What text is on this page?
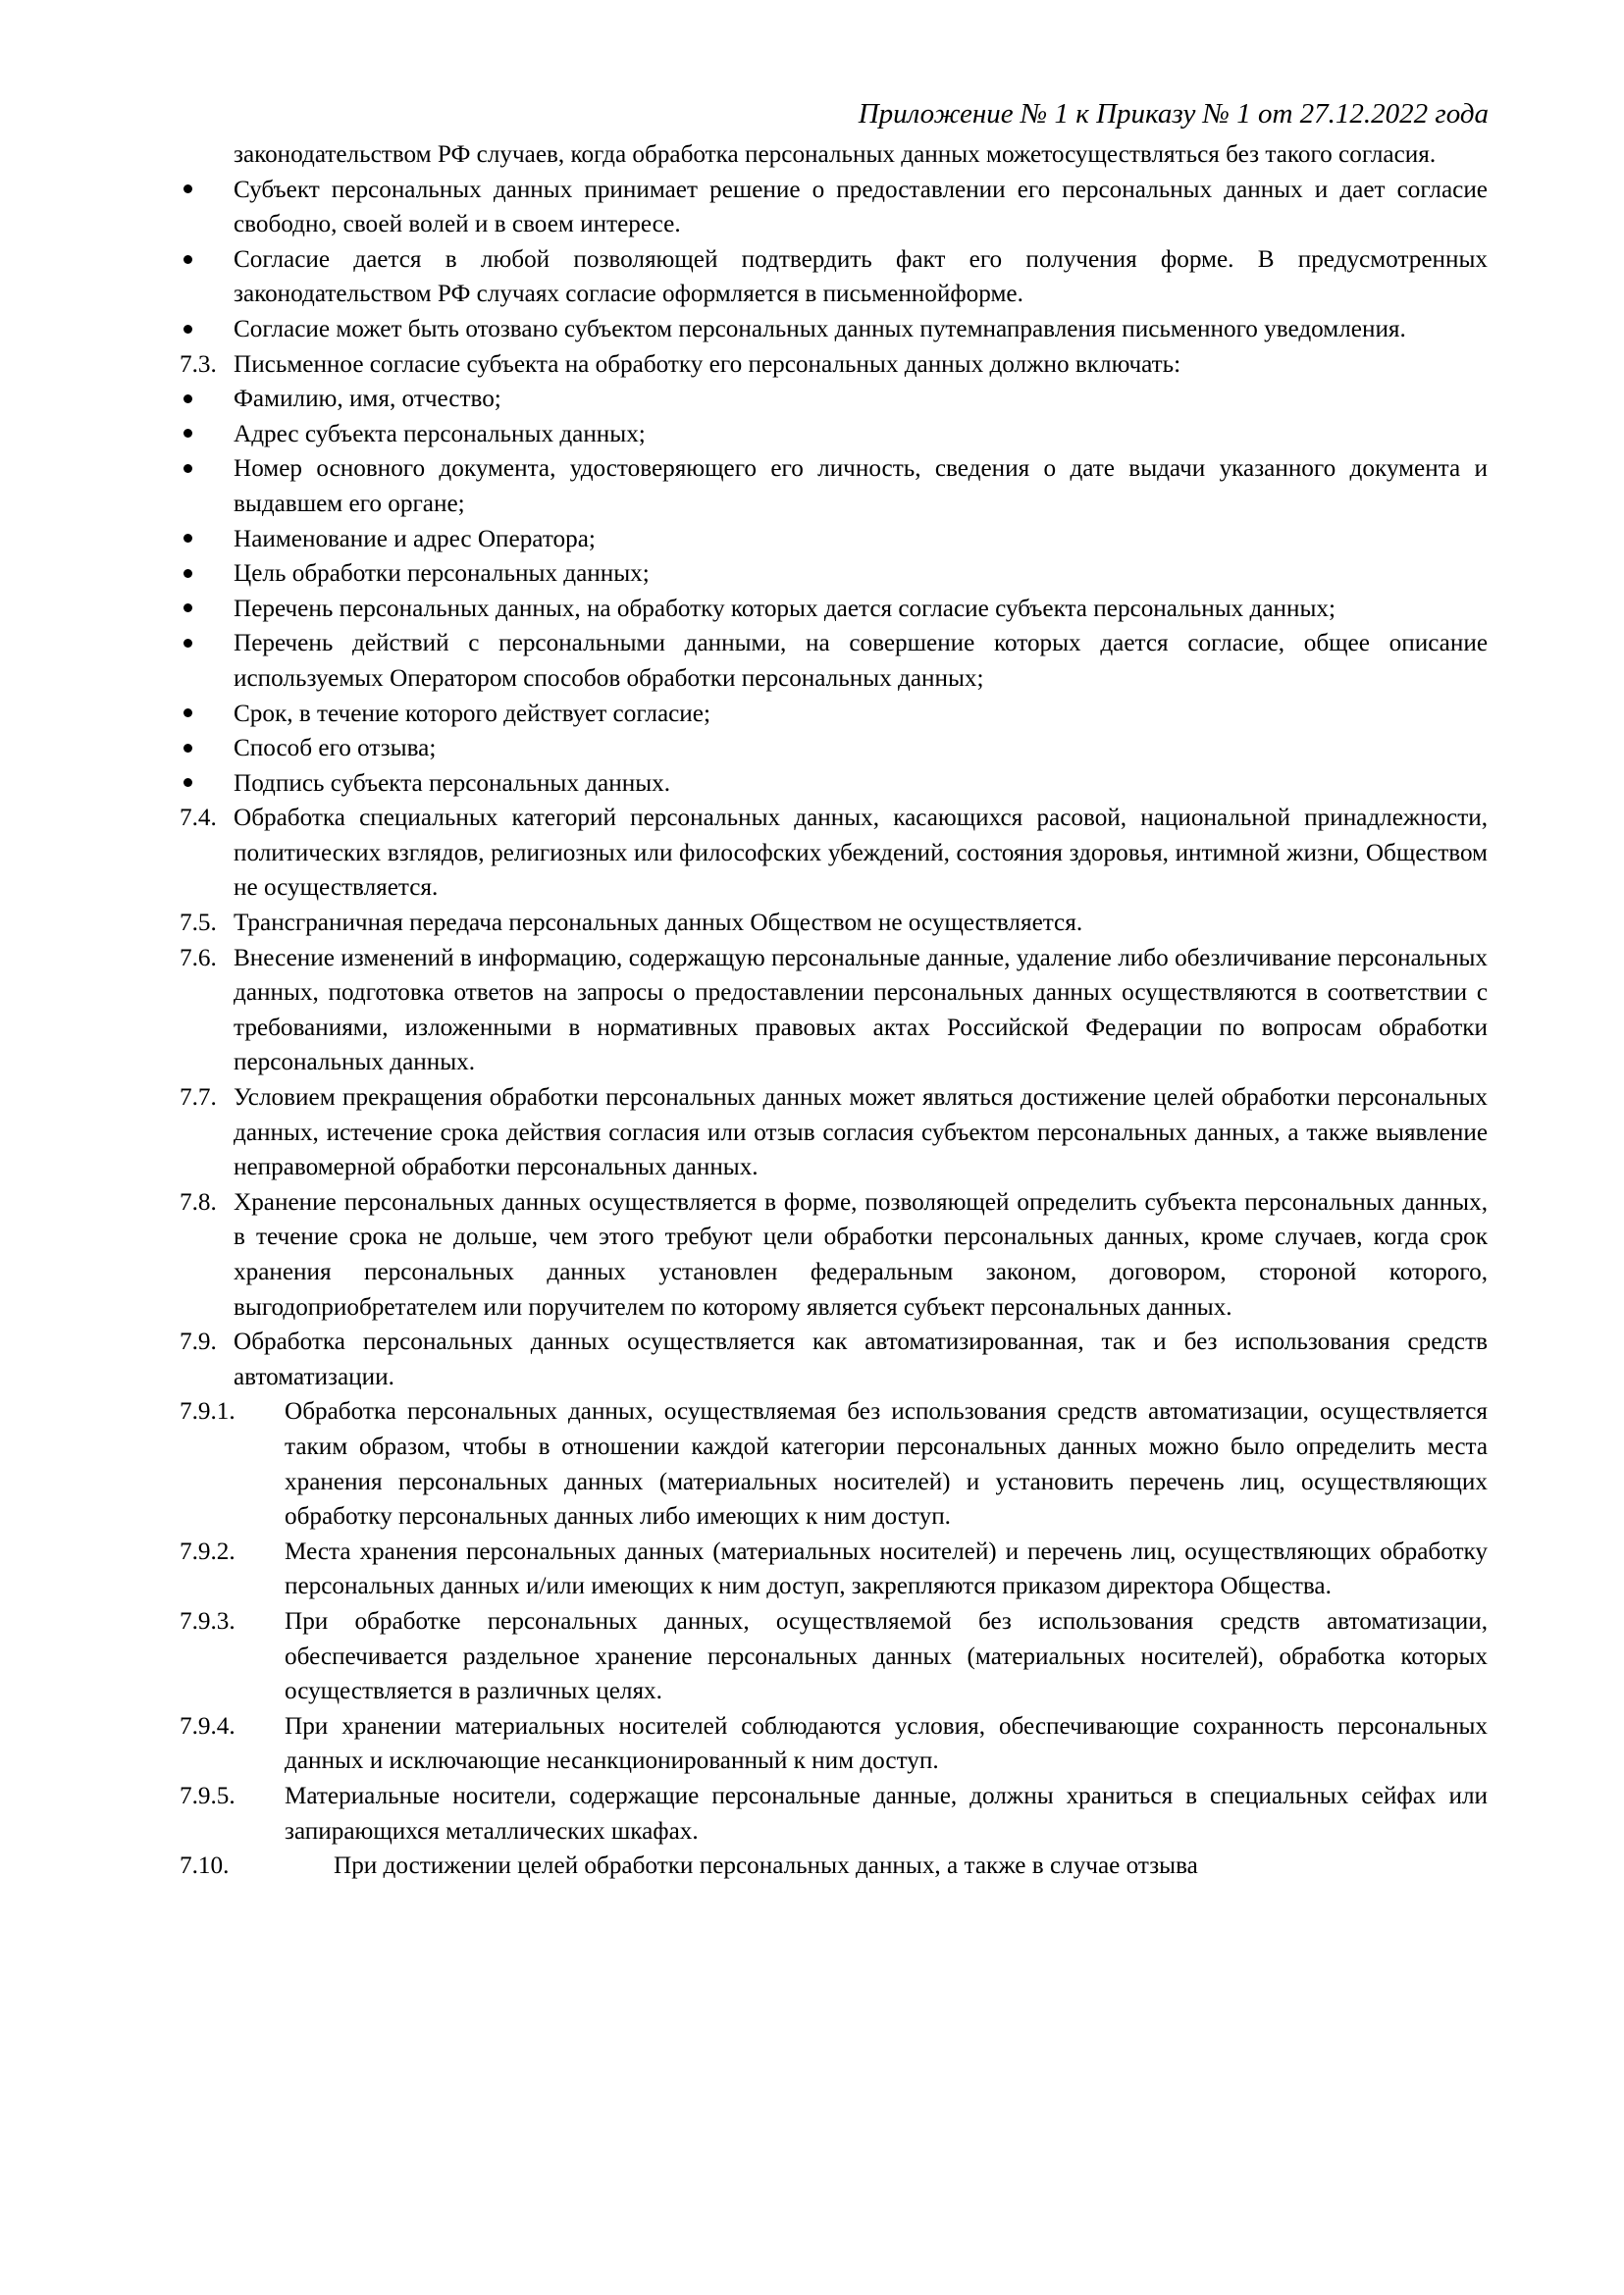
Приложение № 1 к Приказу № 1 от 27.12.2022 года
законодательством РФ случаев, когда обработка персональных данных можетосуществляться без такого согласия.
Субъект персональных данных принимает решение о предоставлении его персональных данных и дает согласие свободно, своей волей и в своем интересе.
Согласие дается в любой позволяющей подтвердить факт его получения форме. В предусмотренных законодательством РФ случаях согласие оформляется в письменнойформе.
Согласие может быть отозвано субъектом персональных данных путемнаправления письменного уведомления.
7.3. Письменное согласие субъекта на обработку его персональных данных должно включать:
Фамилию, имя, отчество;
Адрес субъекта персональных данных;
Номер основного документа, удостоверяющего его личность, сведения о дате выдачи указанного документа и выдавшем его органе;
Наименование и адрес Оператора;
Цель обработки персональных данных;
Перечень персональных данных, на обработку которых дается согласие субъекта персональных данных;
Перечень действий с персональными данными, на совершение которых дается согласие, общее описание используемых Оператором способов обработки персональных данных;
Срок, в течение которого действует согласие;
Способ его отзыва;
Подпись субъекта персональных данных.
7.4. Обработка специальных категорий персональных данных, касающихся расовой, национальной принадлежности, политических взглядов, религиозных или философских убеждений, состояния здоровья, интимной жизни, Обществом не осуществляется.
7.5. Трансграничная передача персональных данных Обществом не осуществляется.
7.6. Внесение изменений в информацию, содержащую персональные данные, удаление либо обезличивание персональных данных, подготовка ответов на запросы о предоставлении персональных данных осуществляются в соответствии с требованиями, изложенными в нормативных правовых актах Российской Федерации по вопросам обработки персональных данных.
7.7. Условием прекращения обработки персональных данных может являться достижение целей обработки персональных данных, истечение срока действия согласия или отзыв согласия субъектом персональных данных, а также выявление неправомерной обработки персональных данных.
7.8. Хранение персональных данных осуществляется в форме, позволяющей определить субъекта персональных данных, в течение срока не дольше, чем этого требуют цели обработки персональных данных, кроме случаев, когда срок хранения персональных данных установлен федеральным законом, договором, стороной которого, выгодоприобретателем или поручителем по которому является субъект персональных данных.
7.9. Обработка персональных данных осуществляется как автоматизированная, так и без использования средств автоматизации.
7.9.1. Обработка персональных данных, осуществляемая без использования средств автоматизации, осуществляется таким образом, чтобы в отношении каждой категории персональных данных можно было определить места хранения персональных данных (материальных носителей) и установить перечень лиц, осуществляющих обработку персональных данных либо имеющих к ним доступ.
7.9.2. Места хранения персональных данных (материальных носителей) и перечень лиц, осуществляющих обработку персональных данных и/или имеющих к ним доступ, закрепляются приказом директора Общества.
7.9.3. При обработке персональных данных, осуществляемой без использования средств автоматизации, обеспечивается раздельное хранение персональных данных (материальных носителей), обработка которых осуществляется в различных целях.
7.9.4. При хранении материальных носителей соблюдаются условия, обеспечивающие сохранность персональных данных и исключающие несанкционированный к ним доступ.
7.9.5. Материальные носители, содержащие персональные данные, должны храниться в специальных сейфах или запирающихся металлических шкафах.
7.10.	При достижении целей обработки персональных данных, а также в случае отзыва
